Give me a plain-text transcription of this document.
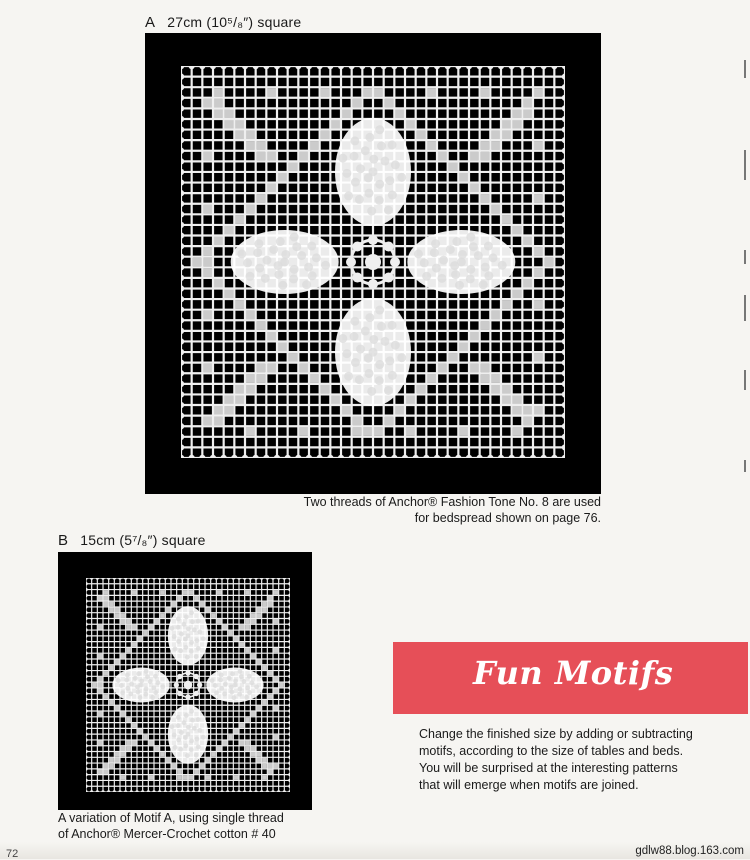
A 27cm (10⁵/₈″) square
Two threads of Anchor® Fashion Tone No. 8 are used
for bedspread shown on page 76.
B 15cm (5⁷/₈″) square
A variation of Motif A, using single thread
of Anchor® Mercer-Crochet cotton # 40
Fun Motifs
Change the finished size by adding or subtracting
motifs, according to the size of tables and beds.
You will be surprised at the interesting patterns
that will emerge when motifs are joined.
72	gdlw88.blog.163.com
